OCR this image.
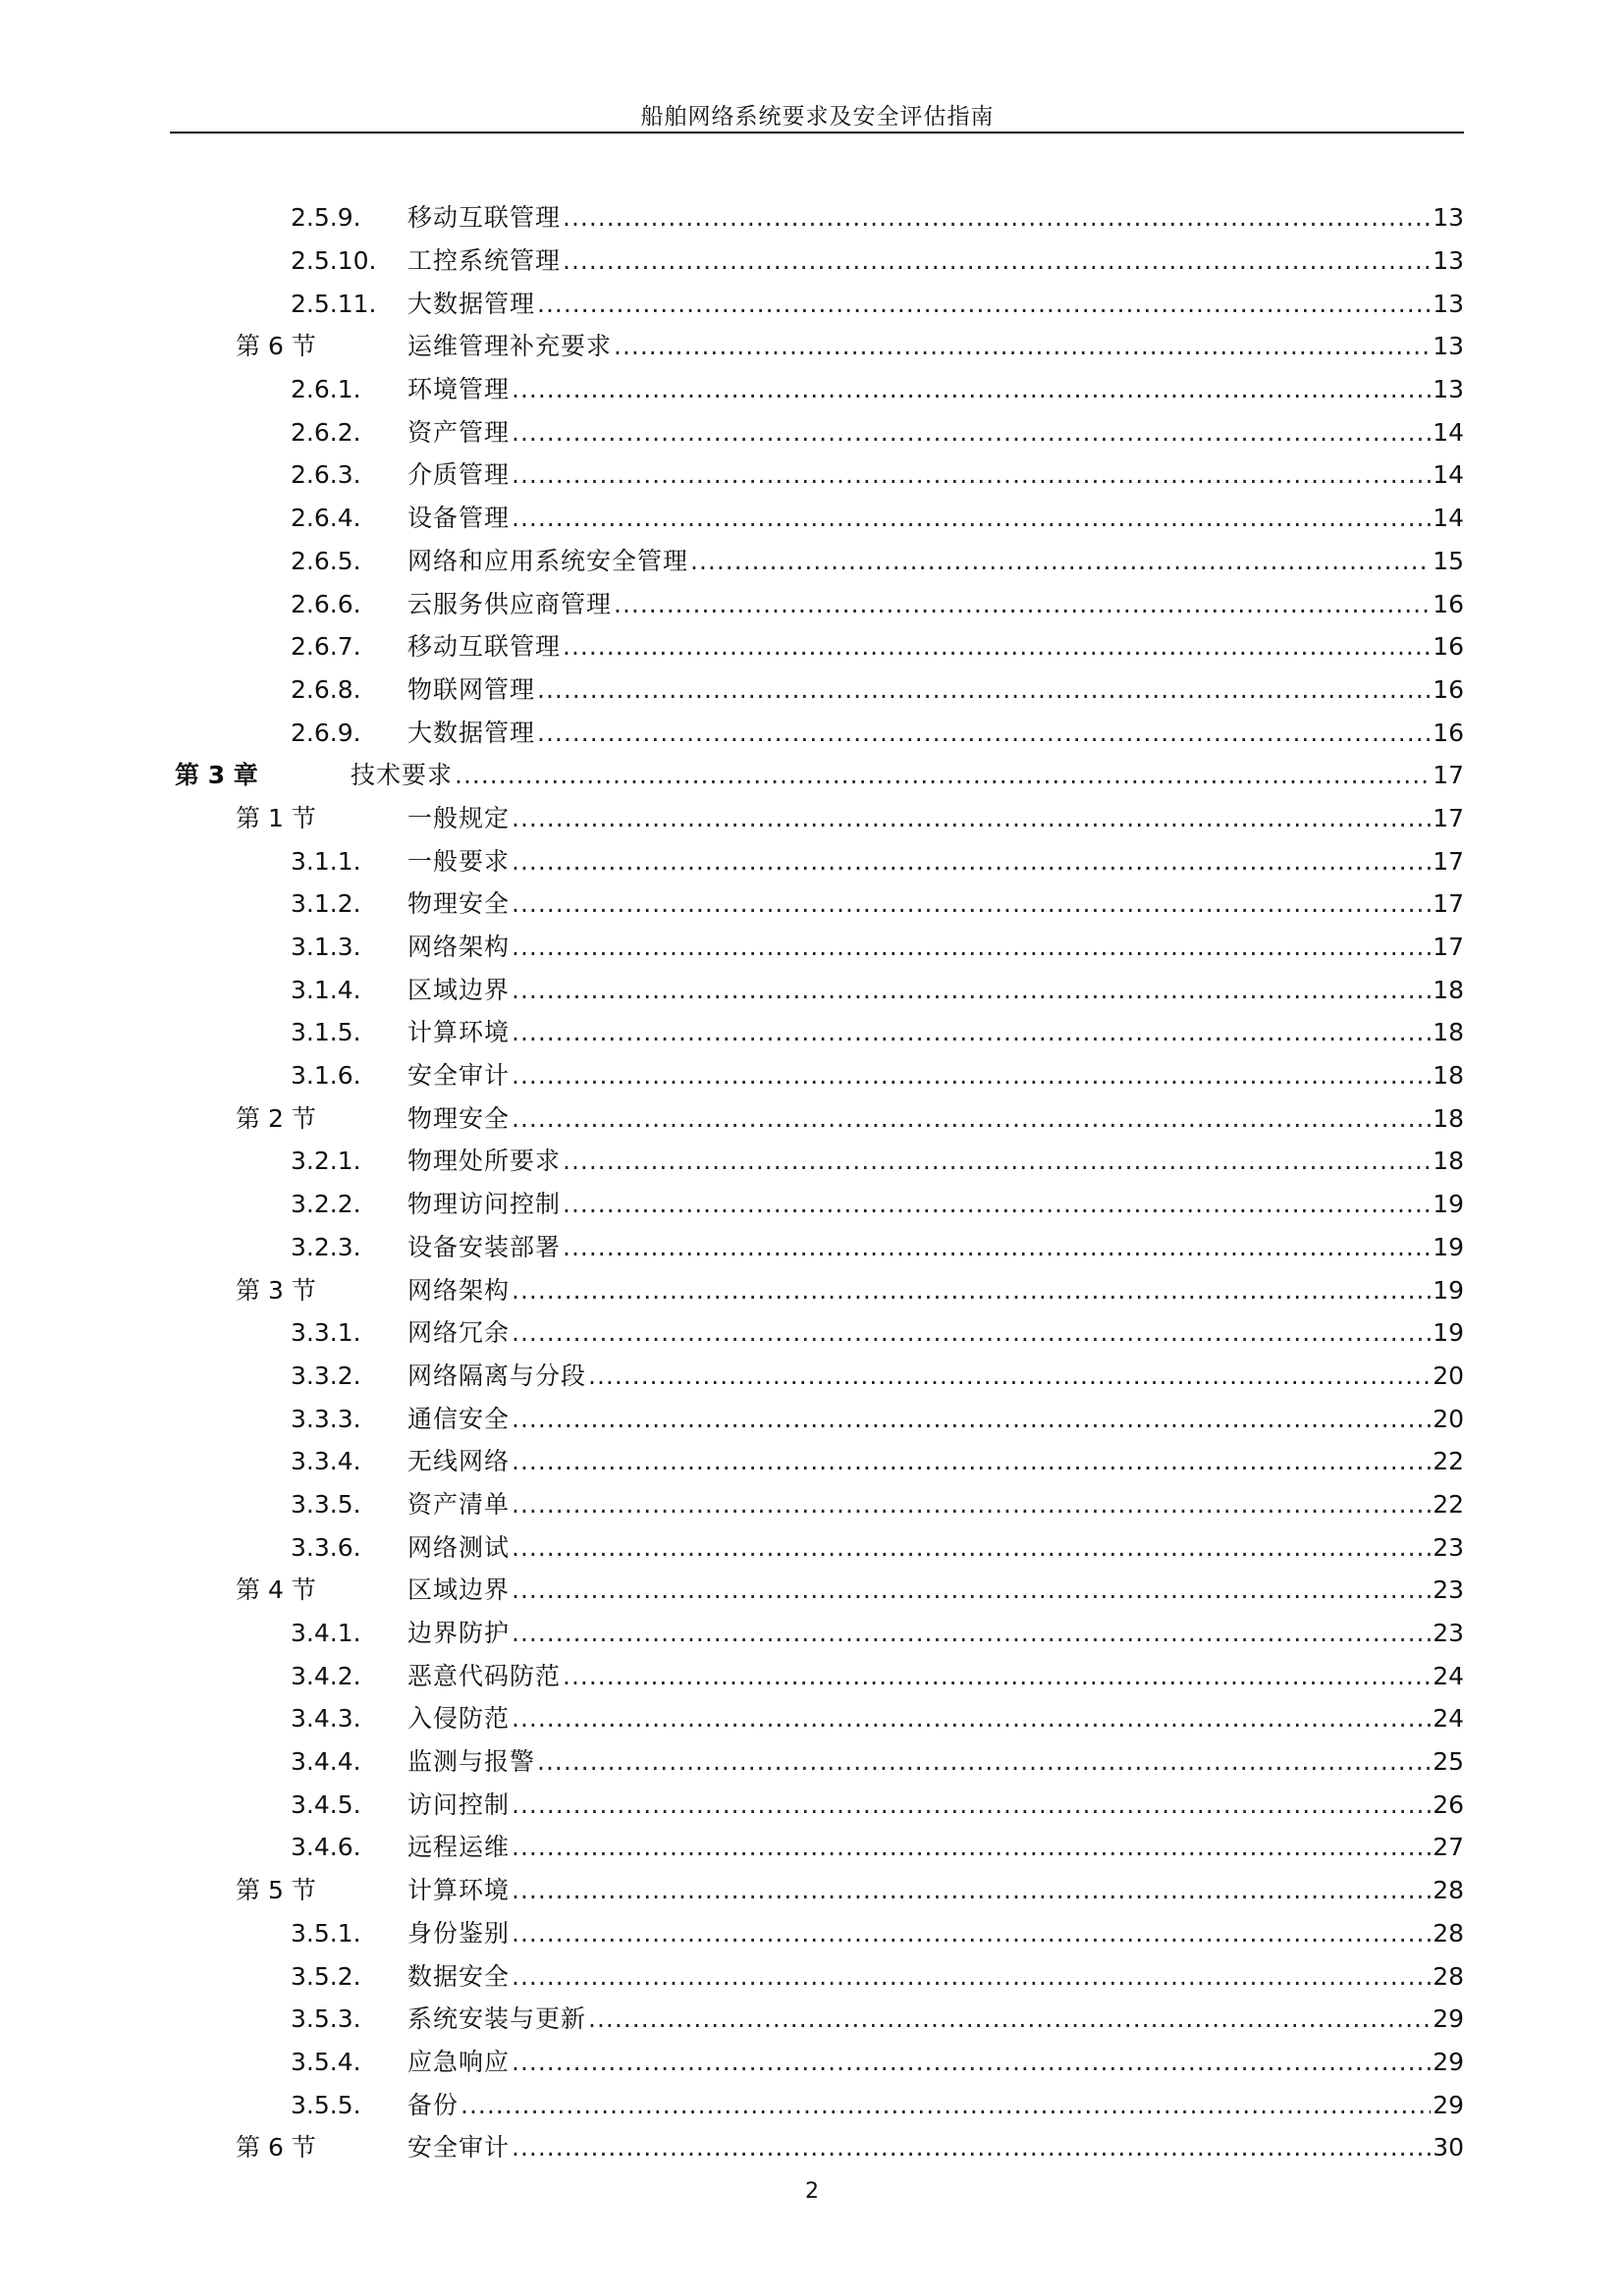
船舶网络系统要求及安全评估指南
2.5.9. 移动互联管理 .....	13
2.5.10. 工控系统管理 .....	13
2.5.11. 大数据管理 .....	13
第 6 节	运维管理补充要求 .....	13
2.6.1. 环境管理 .....	13
2.6.2. 资产管理 .....	14
2.6.3. 介质管理 .....	14
2.6.4. 设备管理 .....	14
2.6.5. 网络和应用系统安全管理 .....	15
2.6.6. 云服务供应商管理 .....	16
2.6.7. 移动互联管理 .....	16
2.6.8. 物联网管理 .....	16
2.6.9. 大数据管理 .....	16
第 3 章	技术要求 .....	17
第 1 节	一般规定 .....	17
3.1.1. 一般要求 .....	17
3.1.2. 物理安全 .....	17
3.1.3. 网络架构 .....	17
3.1.4. 区域边界 .....	18
3.1.5. 计算环境 .....	18
3.1.6. 安全审计 .....	18
第 2 节	物理安全 .....	18
3.2.1. 物理处所要求 .....	18
3.2.2. 物理访问控制 .....	19
3.2.3. 设备安装部署 .....	19
第 3 节	网络架构 .....	19
3.3.1. 网络冗余 .....	19
3.3.2. 网络隔离与分段 .....	20
3.3.3. 通信安全 .....	20
3.3.4. 无线网络 .....	22
3.3.5. 资产清单 .....	22
3.3.6. 网络测试 .....	23
第 4 节	区域边界 .....	23
3.4.1. 边界防护 .....	23
3.4.2. 恶意代码防范 .....	24
3.4.3. 入侵防范 .....	24
3.4.4. 监测与报警 .....	25
3.4.5. 访问控制 .....	26
3.4.6. 远程运维 .....	27
第 5 节	计算环境 .....	28
3.5.1. 身份鉴别 .....	28
3.5.2. 数据安全 .....	28
3.5.3. 系统安装与更新 .....	29
3.5.4. 应急响应 .....	29
3.5.5. 备份 .....	29
第 6 节	安全审计 .....	30
2
